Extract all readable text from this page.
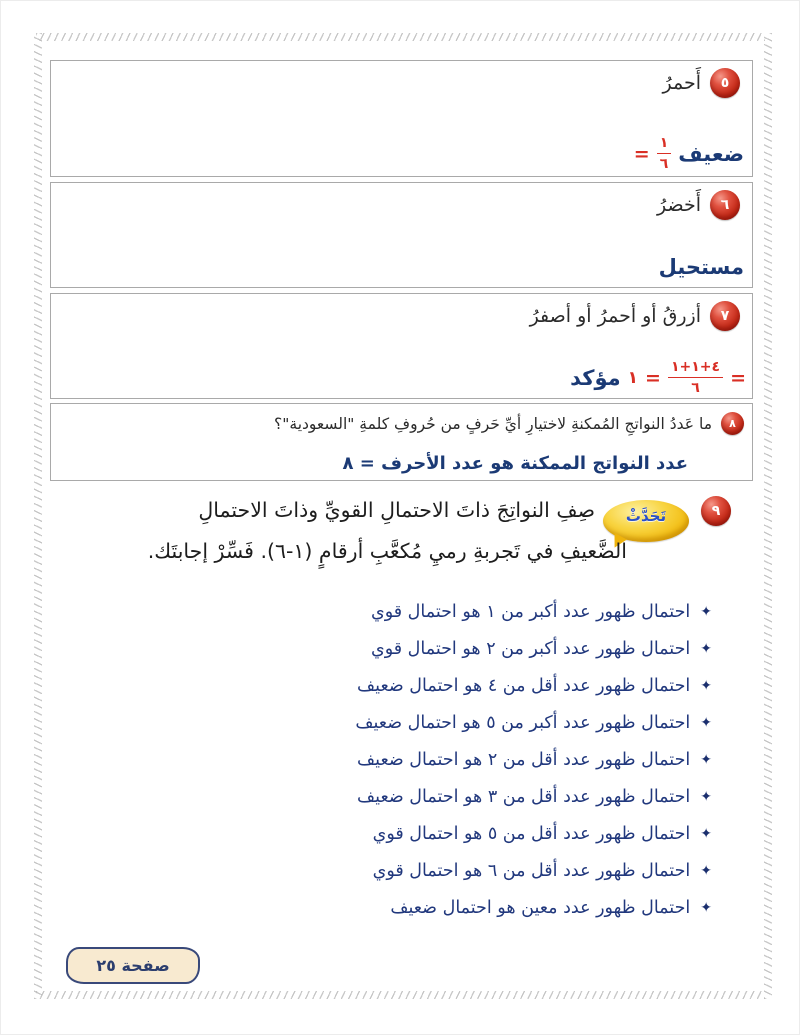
أَحمرُ	٥
= $\frac{١}{٦}$ ضعيف
أَخضرُ	٦
مستحيل
أزرقُ أو أحمرُ أو أصفرُ	٧
مؤكد ١ = $\frac{١+١+٤}{٦}$ =
ما عَددُ النواتجِ المُمكنةِ لاختيارِ أيِّ حَرفٍ من حُروفِ كلمةِ "السعودية"؟	٨
عدد النواتج الممكنة هو عدد الأحرف = ٨
٩
تَحَدَّثْ
صِفِ النواتِجَ ذاتَ الاحتمالِ القويِّ وذاتَ الاحتمالِ
الضَّعيفِ في تَجربةِ رميِ مُكعَّبِ أرقامٍ (١-٦). فَسِّرْ إجابتَك.
✦
احتمال ظهور عدد أكبر من ١ هو احتمال قوي
✦
احتمال ظهور عدد أكبر من ٢ هو احتمال قوي
✦
احتمال ظهور عدد أقل من ٤ هو احتمال ضعيف
✦
احتمال ظهور عدد أكبر من ٥ هو احتمال ضعيف
✦
احتمال ظهور عدد أقل من ٢ هو احتمال ضعيف
✦
احتمال ظهور عدد أقل من ٣ هو احتمال ضعيف
✦
احتمال ظهور عدد أقل من ٥ هو احتمال قوي
✦
احتمال ظهور عدد أقل من ٦ هو احتمال قوي
✦
احتمال ظهور عدد معين هو احتمال ضعيف
صفحة ٢٥
